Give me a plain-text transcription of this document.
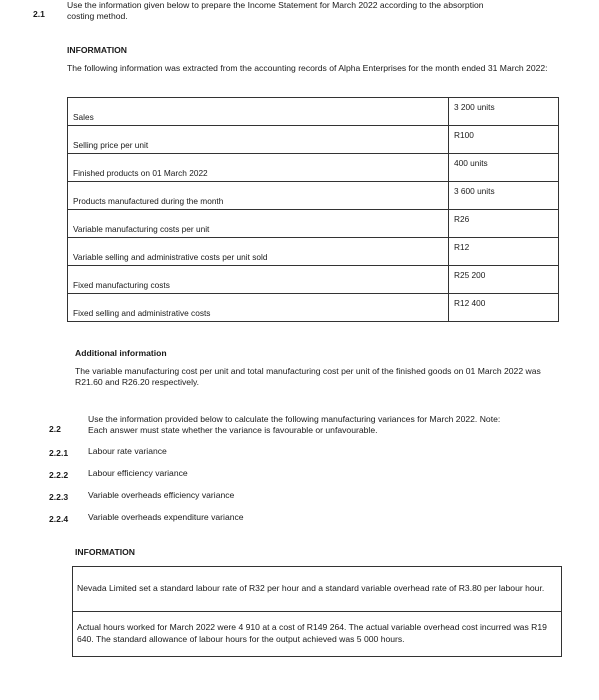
2.1
Use the information given below to prepare the Income Statement for March 2022 according to the absorption costing method.
INFORMATION
The following information was extracted from the accounting records of Alpha Enterprises for the month ended 31 March 2022:
Sales	3 200 units
Selling price per unit	R100
Finished products on 01 March 2022	400 units
Products manufactured during the month	3 600 units
Variable manufacturing costs per unit	R26
Variable selling and administrative costs per unit sold	R12
Fixed manufacturing costs	R25 200
Fixed selling and administrative costs	R12 400
Additional information
The variable manufacturing cost per unit and total manufacturing cost per unit of the finished goods on 01 March 2022 was R21.60 and R26.20 respectively.
2.2
Use the information provided below to calculate the following manufacturing variances for March 2022. Note: Each answer must state whether the variance is favourable or unfavourable.
2.2.1 Labour rate variance
2.2.2 Labour efficiency variance
2.2.3 Variable overheads efficiency variance
2.2.4 Variable overheads expenditure variance
INFORMATION
Nevada Limited set a standard labour rate of R32 per hour and a standard variable overhead rate of R3.80 per labour hour.
Actual hours worked for March 2022 were 4 910 at a cost of R149 264. The actual variable overhead cost incurred was R19 640. The standard allowance of labour hours for the output achieved was 5 000 hours.
